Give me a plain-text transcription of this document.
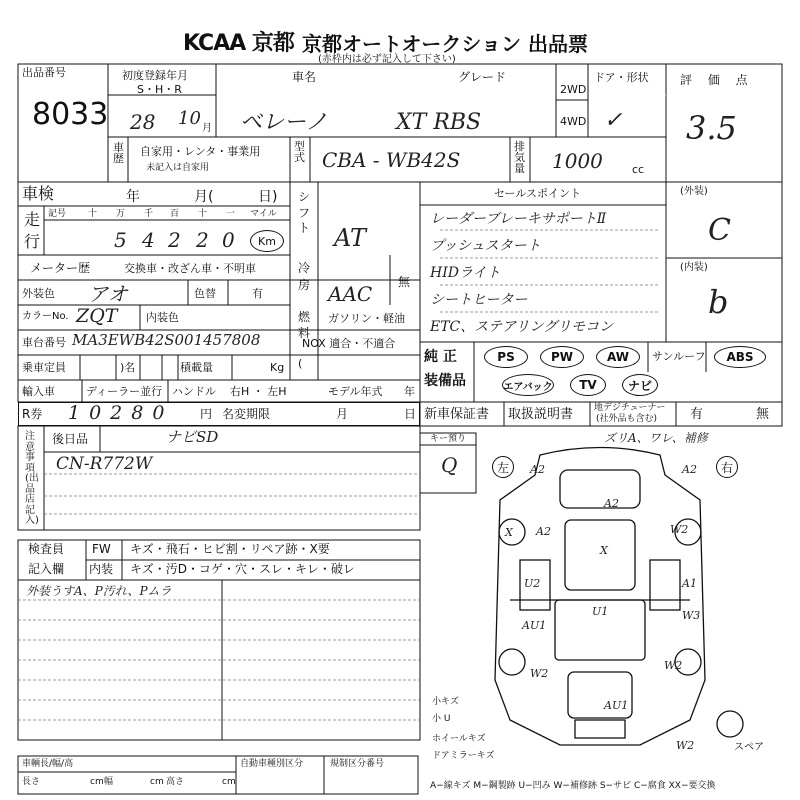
KCAA 京都 京都オートオークション 出品票
(赤枠内は必ず記入して下さい)
出品番号
8033
初度登録年月
S・H・R
28 10 月
車名
ベレーノ
グレード
XT RBS
2WD
4WD
ドア・形状
✓
評 価 点
3.5
車歴
自家用・レンタ・事業用
未記入は自家用
型式 CBA - WB42S
排気量 1000	cc
車検	年	月(	日)
走
行
記号 十 万 千 百 十 一 マイル
5 4 2 2 0 Km
メーター歴	交換車・改ざん車・不明車
シフト AT
冷房 AAC 無
外装色 アオ	色替	有
カラーNo. ZQT	内装色	燃料
ガソリン・軽油
車台番号 MA3EWB42S001457808	NOX 適合・不適合
(
乗車定員	)名	積載量	Kg
輸入車	ディーラー並行 ハンドル 右H ・ 左H	モデル年式 年
R券 10280 円 名変期限	月	日
セールスポイント
レーダーブレーキサポートⅡ
プッシュスタート
HIDライト
シートヒーター
ETC、ステアリングリモコン
(外装)
C
(内装)
b
純 正
装備品
PS	PW	AW サンルーフ ABS
エアバック TV	ナビ
新車保証書 取扱説明書 地デジチューナー
(社外品も含む)	有	無
注意事項(出品店記入)
後日品	ナビSD
CN-R772W
キー預り
Q
検査員
記入欄
FW キズ・飛石・ヒビ割・リペア跡・X要
内装 キズ・汚D・コゲ・穴・スレ・キレ・破レ
外装うすA、P汚れ、Pムラ
左	右
ズリA、ワレ、補修
A2	A2
A2
A2	W2
U2	A1
U1	W3
AU1
W2
W2
AU1
W2
X
X
小キズ
小 U
ホイールキズ
ドアミラーキズ
スペア
車輌長/幅/高
長さ	cm 幅	cm 高さ	cm
自動車種別区分	規制区分番号
A−線キズ M−鋼製跡 U−凹み W−補修跡 S−サビ C−腐食 XX−要交換
